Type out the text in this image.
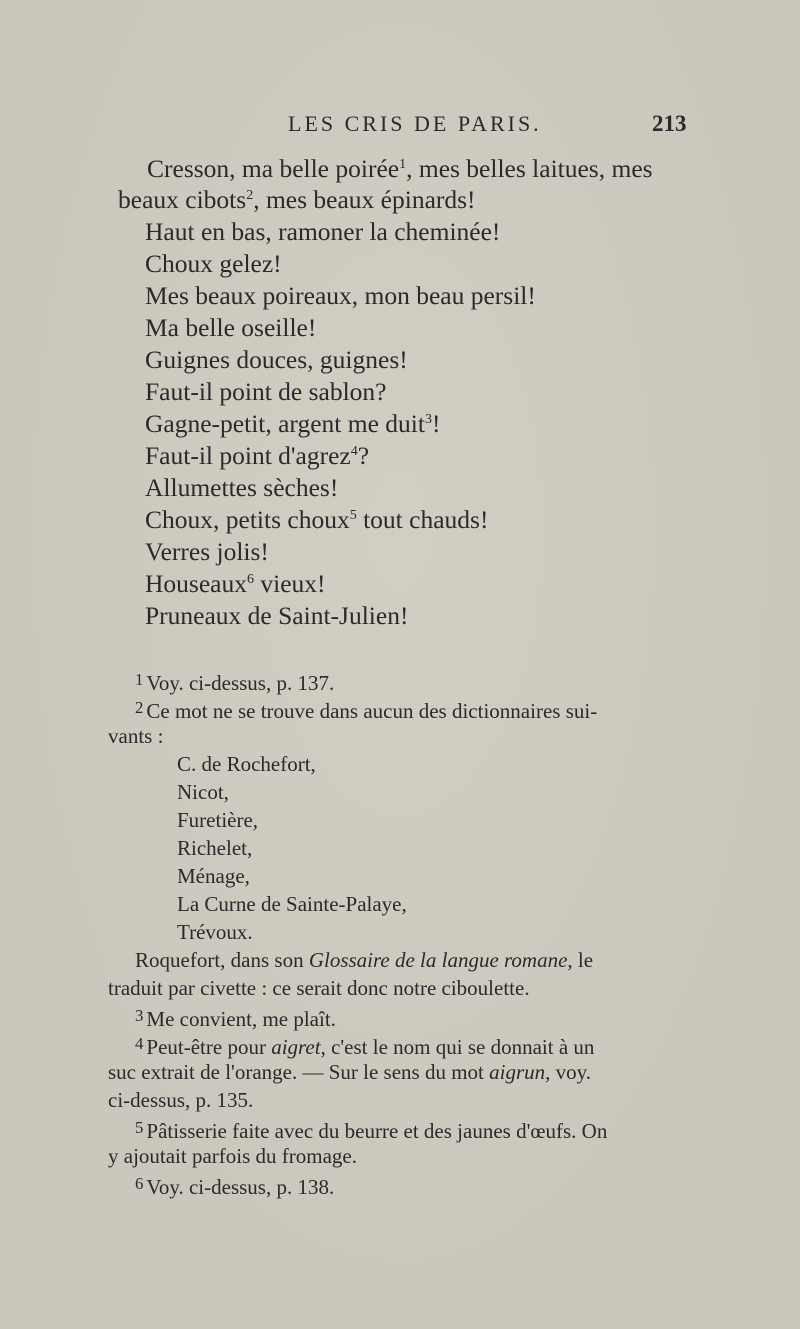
LES CRIS DE PARIS.	213
Cresson, ma belle poirée$^1$, mes belles laitues, mes
beaux cibots$^2$, mes beaux épinards!
Haut en bas, ramoner la cheminée!
Choux gelez!
Mes beaux poireaux, mon beau persil!
Ma belle oseille!
Guignes douces, guignes!
Faut-il point de sablon?
Gagne-petit, argent me duit$^3$!
Faut-il point d'agrez$^4$?
Allumettes sèches!
Choux, petits choux$^5$ tout chauds!
Verres jolis!
Houseaux$^6$ vieux!
Pruneaux de Saint-Julien!
$^1$ Voy. ci-dessus, p. 137.
$^2$ Ce mot ne se trouve dans aucun des dictionnaires sui-
vants :
C. de Rochefort,
Nicot,
Furetière,
Richelet,
Ménage,
La Curne de Sainte-Palaye,
Trévoux.
Roquefort, dans son Glossaire de la langue romane, le
traduit par civette : ce serait donc notre ciboulette.
$^3$ Me convient, me plaît.
$^4$ Peut-être pour aigret, c'est le nom qui se donnait à un
suc extrait de l'orange. — Sur le sens du mot aigrun, voy.
ci-dessus, p. 135.
$^5$ Pâtisserie faite avec du beurre et des jaunes d'œufs. On
y ajoutait parfois du fromage.
$^6$ Voy. ci-dessus, p. 138.
